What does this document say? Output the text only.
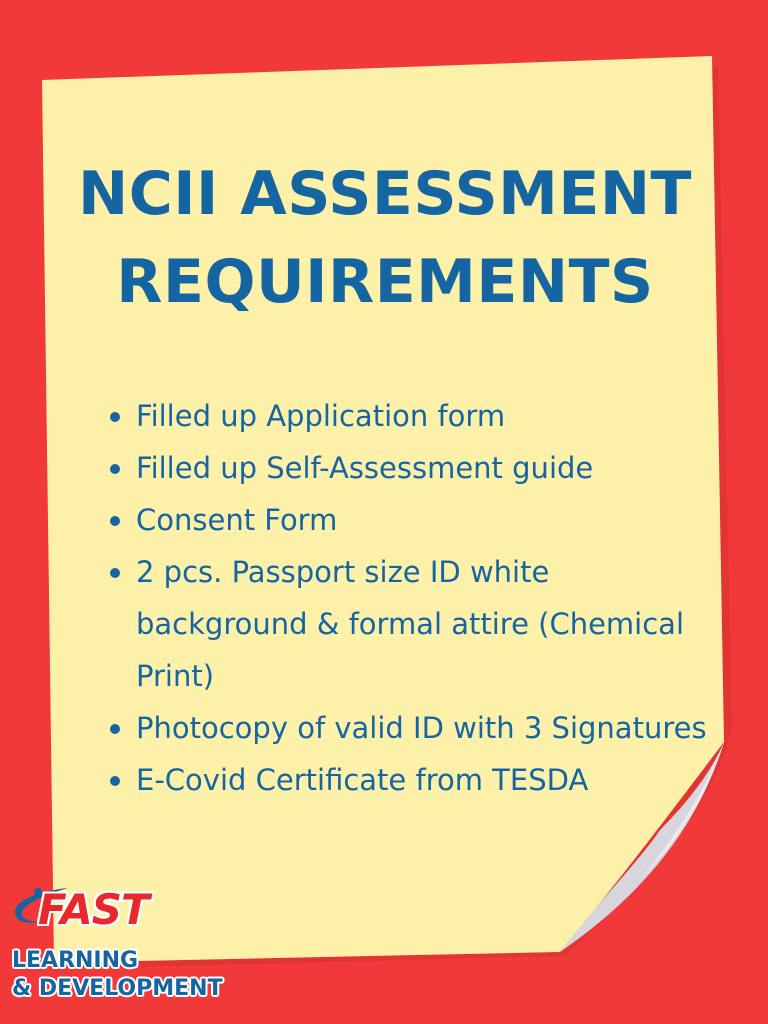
NCII ASSESSMENT
REQUIREMENTS
Filled up Application form
Filled up Self-Assessment guide
Consent Form
2 pcs. Passport size ID white background & formal attire (Chemical Print)
Photocopy of valid ID with 3 Signatures
E-Covid Certificate from TESDA
FAST
LEARNING
& DEVELOPMENT
